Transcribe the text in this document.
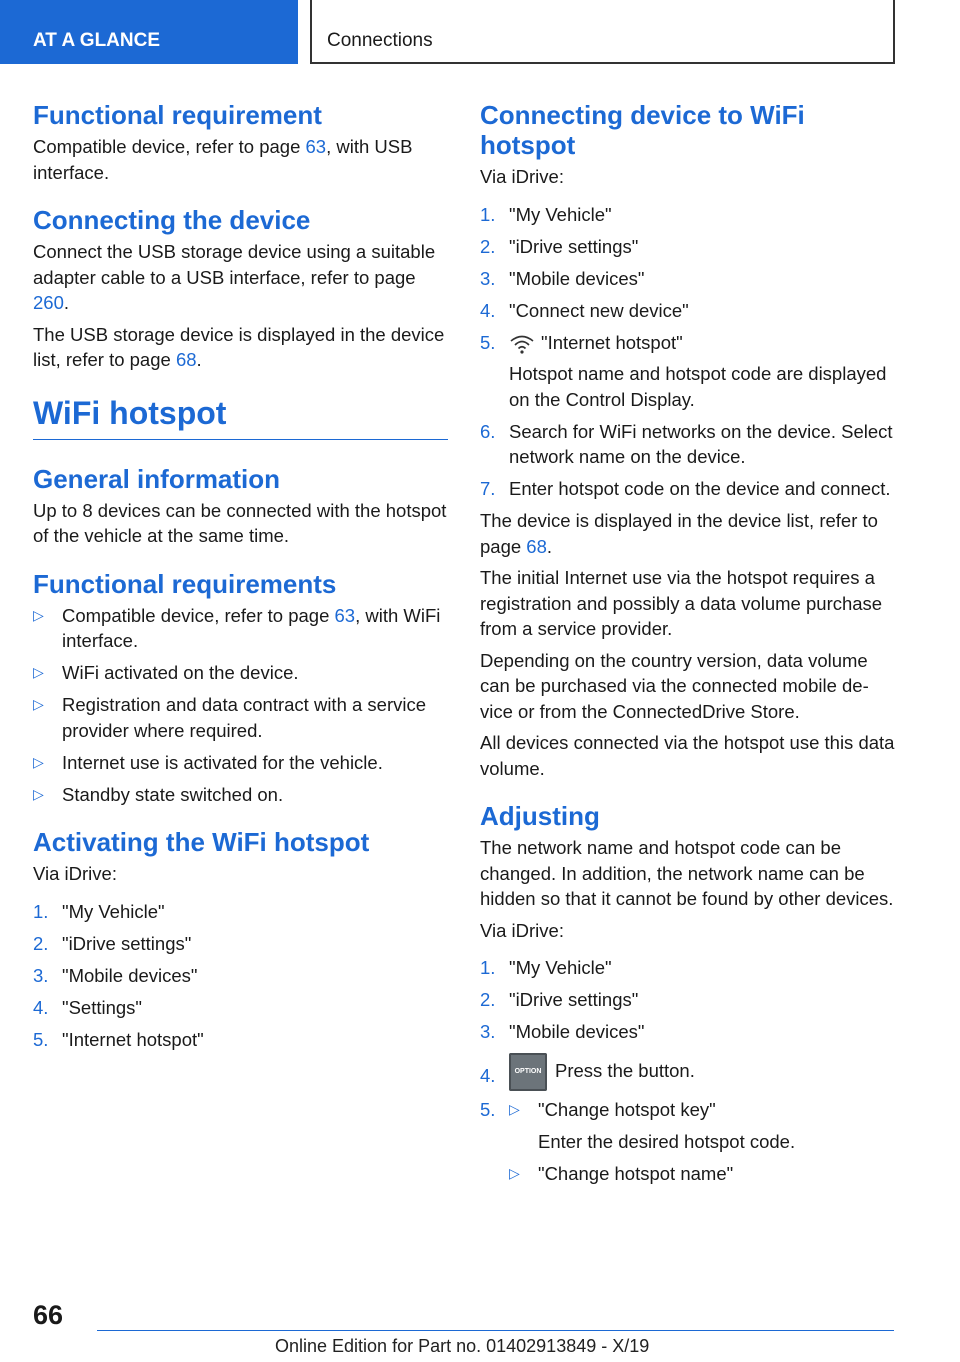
AT A GLANCE	Connections
Functional requirement

Compatible device, refer to page 63, with USB interface.

Connecting the device

Connect the USB storage device using a suitable adapter cable to a USB interface, refer to page 260.

The USB storage device is displayed in the device list, refer to page 68.

WiFi hotspot
General information

Up to 8 devices can be connected with the hotspot of the vehicle at the same time.

Functional requirements
▷ Compatible device, refer to page 63, with WiFi interface.
▷ WiFi activated on the device.
▷ Registration and data contract with a service provider where required.
▷ Internet use is activated for the vehicle.
▷ Standby state switched on.
Activating the WiFi hotspot

Via iDrive:

1. "My Vehicle"
2. "iDrive settings"
3. "Mobile devices"
4. "Settings"
5. "Internet hotspot"
Connecting device to WiFi hotspot

Via iDrive:

1. "My Vehicle"
2. "iDrive settings"
3. "Mobile devices"
4. "Connect new device"
5. "Internet hotspot"
Hotspot name and hotspot code are displayed on the Control Display.
6. Search for WiFi networks on the device. Select network name on the device.
7. Enter hotspot code on the device and connect.

The device is displayed in the device list, refer to page 68.

The initial Internet use via the hotspot requires a registration and possibly a data volume purchase from a service provider.

Depending on the country version, data volume can be purchased via the connected mobile device or from the ConnectedDrive Store.

All devices connected via the hotspot use this data volume.

Adjusting

The network name and hotspot code can be changed. In addition, the network name can be hidden so that it cannot be found by other devices.

Via iDrive:

1. "My Vehicle"
2. "iDrive settings"
3. "Mobile devices"
4.	OPTION Press the button.
5. ▷ "Change hotspot key"
Enter the desired hotspot code.
▷ "Change hotspot name"
66
Online Edition for Part no. 01402913849 - X/19
